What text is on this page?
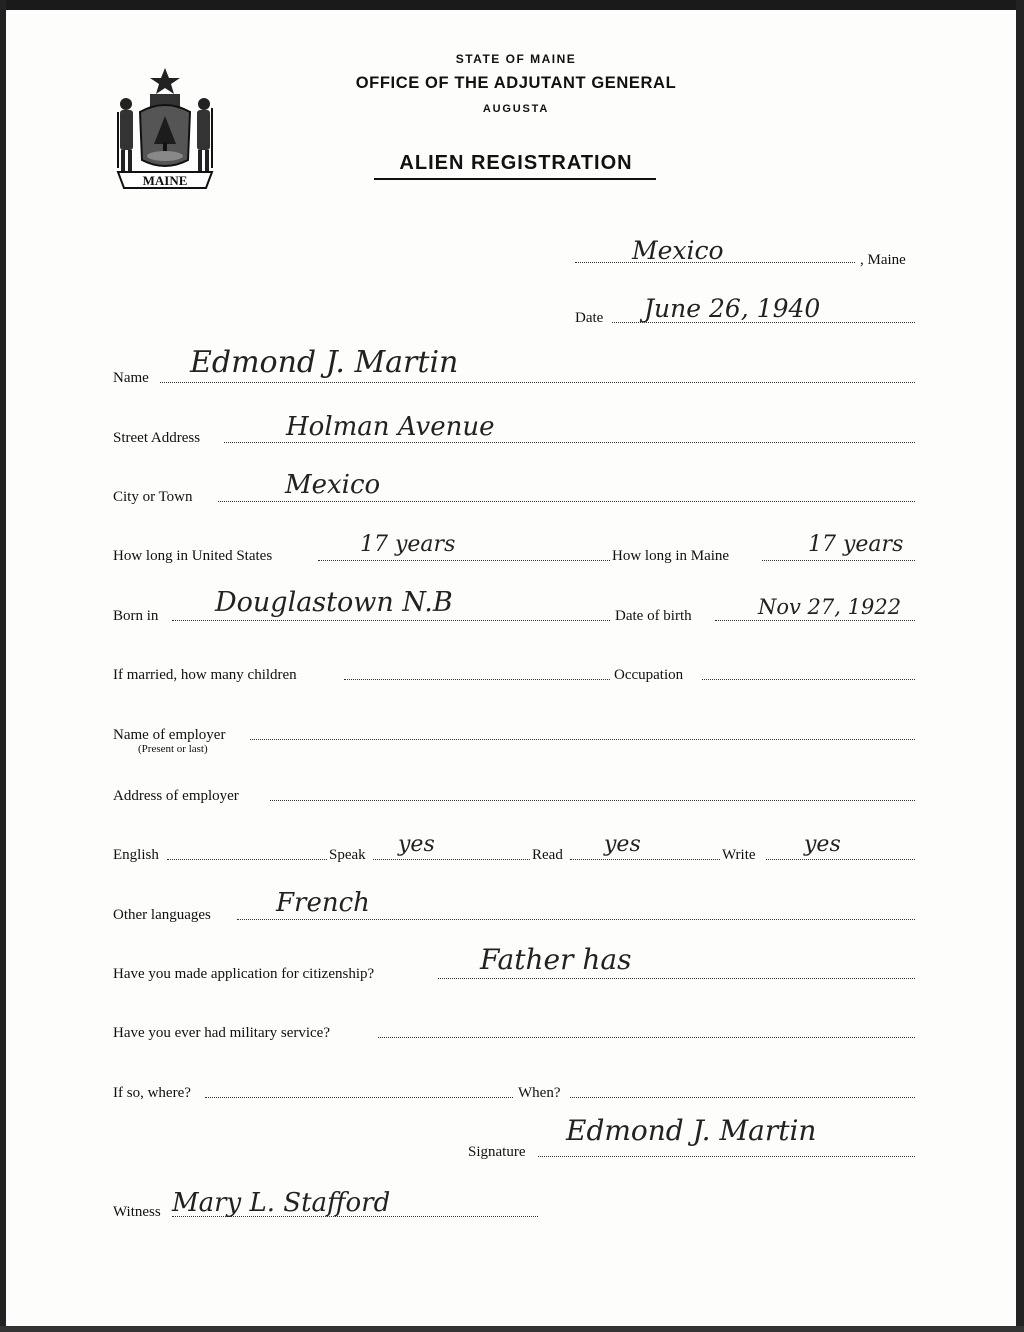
MAINE
STATE OF MAINE
OFFICE OF THE ADJUTANT GENERAL
AUGUSTA
ALIEN REGISTRATION
Mexico	, Maine
Date June 26, 1940
Name Edmond J. Martin
Street Address	Holman Avenue
City or Town	Mexico
How long in United States	17 years	How long in Maine	17 years
Born in Douglastown N.B	Date of birth	Nov 27, 1922
If married, how many children	Occupation
Name of employer
(Present or last)
Address of employer
English	Speak yes	Read yes	Write yes
Other languages	French
Have you made application for citizenship?	Father has
Have you ever had military service?
If so, where?	When?
Signature
Edmond J. Martin
Witness Mary L. Stafford
